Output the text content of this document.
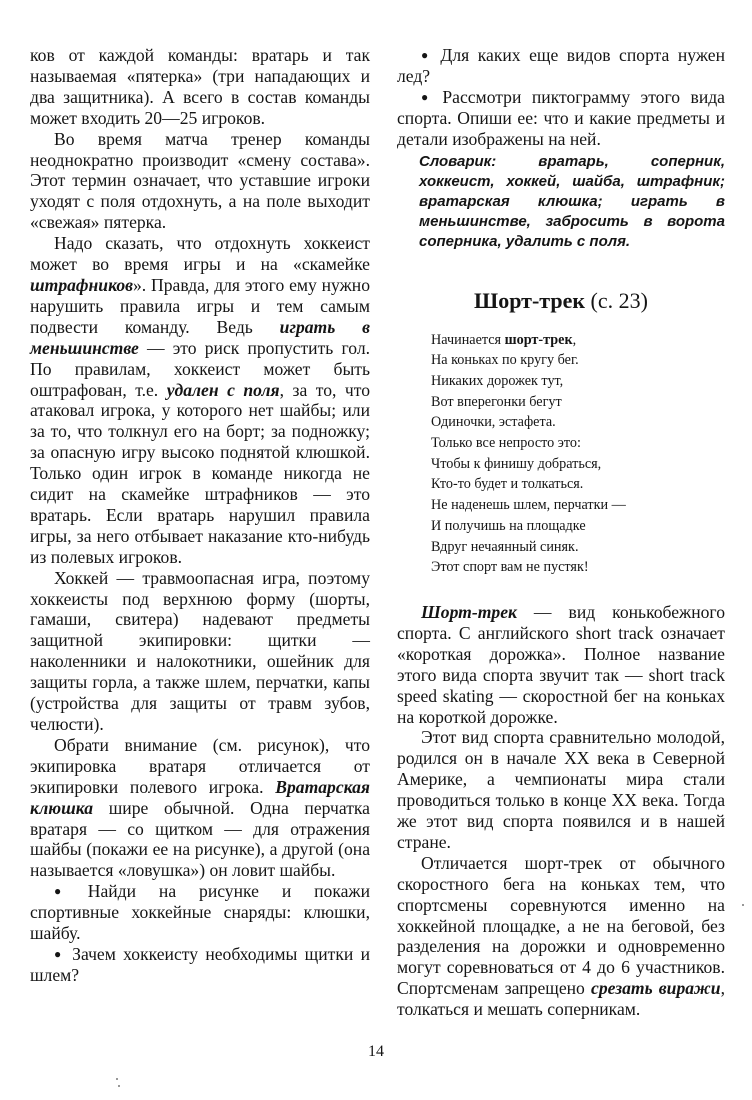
ков от каждой команды: вратарь и так называемая «пятерка» (три нападающих и два защитника). А всего в состав команды может входить 20—25 игроков.

Во время матча тренер команды неоднократно производит «смену состава». Этот термин означает, что уставшие игроки уходят с поля отдохнуть, а на поле выходит «свежая» пятерка.

Надо сказать, что отдохнуть хоккеист может во время игры и на «скамейке штрафников». Правда, для этого ему нужно нарушить правила игры и тем самым подвести команду. Ведь играть в меньшинстве — это риск пропустить гол. По правилам, хоккеист может быть оштрафован, т.е. удален с поля, за то, что атаковал игрока, у которого нет шайбы; или за то, что толкнул его на борт; за подножку; за опасную игру высоко поднятой клюшкой. Только один игрок в команде никогда не сидит на скамейке штрафников — это вратарь. Если вратарь нарушил правила игры, за него отбывает наказание кто-нибудь из полевых игроков.

Хоккей — травмоопасная игра, поэтому хоккеисты под верхнюю форму (шорты, гамаши, свитера) надевают предметы защитной экипировки: щитки — наколенники и налокотники, ошейник для защиты горла, а также шлем, перчатки, капы (устройства для защиты от травм зубов, челюсти).

Обрати внимание (см. рисунок), что экипировка вратаря отличается от экипировки полевого игрока. Вратарская клюшка шире обычной. Одна перчатка вратаря — со щитком — для отражения шайбы (покажи ее на рисунке), а другой (она называется «ловушка») он ловит шайбы.

● Найди на рисунке и покажи спортивные хоккейные снаряды: клюшки, шайбу.

● Зачем хоккеисту необходимы щитки и шлем?

● Для каких еще видов спорта нужен лед?

● Рассмотри пиктограмму этого вида спорта. Опиши ее: что и какие предметы и детали изображены на ней.

Словарик: вратарь, соперник, хоккеист, хоккей, шайба, штрафник; вратарская клюшка; играть в меньшинстве, забросить в ворота соперника, удалить с поля.
Шорт-трек (с. 23)
Начинается шорт-трек,
На коньках по кругу бег.
Никаких дорожек тут,
Вот вперегонки бегут
Одиночки, эстафета.
Только все непросто это:
Чтобы к финишу добраться,
Кто-то будет и толкаться.
Не наденешь шлем, перчатки —
И получишь на площадке
Вдруг нечаянный синяк.
Этот спорт вам не пустяк!

Шорт-трек — вид конькобежного спорта. С английского short track означает «короткая дорожка». Полное название этого вида спорта звучит так — short track speed skating — скоростной бег на коньках на короткой дорожке.

Этот вид спорта сравнительно молодой, родился он в начале XX века в Северной Америке, а чемпионаты мира стали проводиться только в конце XX века. Тогда же этот вид спорта появился и в нашей стране.

Отличается шорт-трек от обычного скоростного бега на коньках тем, что спортсмены соревнуются именно на хоккейной площадке, а не на беговой, без разделения на дорожки и одновременно могут соревноваться от 4 до 6 участников. Спортсменам запрещено срезать виражи, толкаться и мешать соперникам.

14
